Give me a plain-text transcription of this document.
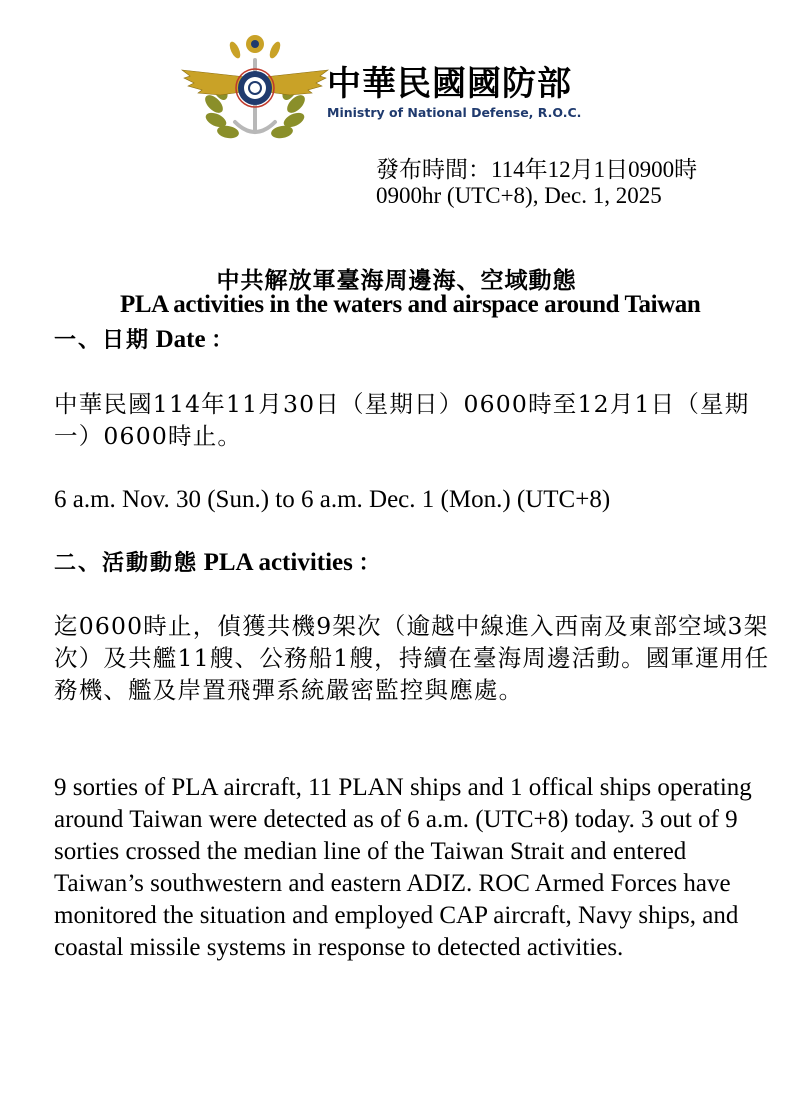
中華民國國防部
Ministry of National Defense, R.O.C.
發布時間：114年12月1日0900時
0900hr (UTC+8), Dec. 1, 2025
中共解放軍臺海周邊海、空域動態
PLA activities in the waters and airspace around Taiwan
一、日期 Date ：
中華民國114年11月30日（星期日）0600時至12月1日（星期一）0600時止。
6 a.m. Nov. 30 (Sun.) to 6 a.m. Dec. 1 (Mon.) (UTC+8)
二、活動動態 PLA activities ：
迄0600時止，偵獲共機9架次（逾越中線進入西南及東部空域3架次）及共艦11艘、公務船1艘，持續在臺海周邊活動。國軍運用任務機、艦及岸置飛彈系統嚴密監控與應處。
9 sorties of PLA aircraft, 11 PLAN ships and 1 offical ships operating around Taiwan were detected as of 6 a.m. (UTC+8) today. 3 out of 9 sorties crossed the median line of the Taiwan Strait and entered Taiwan’s southwestern and eastern ADIZ. ROC Armed Forces have monitored the situation and employed CAP aircraft, Navy ships, and coastal missile systems in response to detected activities.
